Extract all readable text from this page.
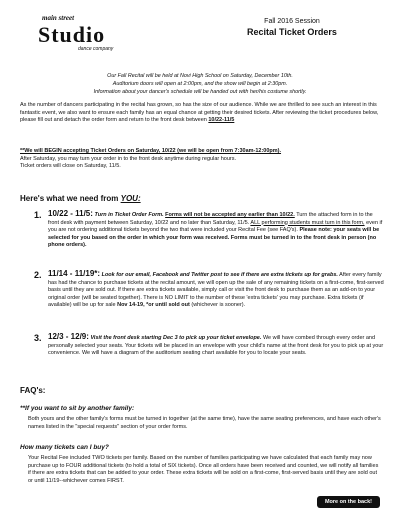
main street
Studio
dance company
Fall 2016 Session
Recital Ticket Orders
Our Fall Recital will be held at Novi High School on Saturday, December 10th.
Auditorium doors will open at 2:00pm, and the show will begin at 2:30pm.
Information about your dancer's schedule will be handed out with her/his costume shortly.
As the number of dancers participating in the recital has grown, so has the size of our audience. While we are thrilled to see such an interest in this fantastic event, we also want to ensure each family has an equal chance at getting their desired tickets. After reviewing the ticket procedures below, please fill out and detach the order form and return to the front desk between 10/22-11/5
**We will BEGIN accepting Ticket Orders on Saturday, 10/22 (we will be open from 7:30am-12:00pm).
After Saturday, you may turn your order in to the front desk anytime during regular hours.
Ticket orders will close on Saturday, 11/5.
Here's what we need from YOU:
1. 10/22 - 11/5: Turn in Ticket Order Form. Forms will not be accepted any earlier than 10/22. Turn the attached form in to the front desk with payment between Saturday, 10/22 and no later than Saturday, 11/5. ALL performing students must turn in this form, even if you are not ordering additional tickets beyond the two that were included your Recital Fee (see FAQ's). Please note: your seats will be selected for you based on the order in which your form was received. Forms must be turned in to the front desk in person (no phone orders).
2. 11/14 - 11/19*: Look for our email, Facebook and Twitter post to see if there are extra tickets up for grabs. After every family has had the chance to purchase tickets at the recital amount, we will open up the sale of any remaining tickets on a first-come, first-served basis until they are sold out. If there are extra tickets available, simply call or visit the front desk to purchase them as an add-on to your original order (will be seated together). There is NO LIMIT to the number of these 'extra tickets' you may purchase. Extra tickets (if available) will be up for sale Nov 14-19, *or until sold out (whichever is sooner).
3. 12/3 - 12/9: Visit the front desk starting Dec 3 to pick up your ticket envelope. We will have combed through every order and personally selected your seats. Your tickets will be placed in an envelope with your child's name at the front desk for you to pick up at your convenience. We will have a diagram of the auditorium seating chart available for you to locate your seats.
FAQ's:
**If you want to sit by another family:
Both yours and the other family's forms must be turned in together (at the same time), have the same seating preferences, and have each other's names listed in the "special requests" section of your order forms.
How many tickets can I buy?
Your Recital Fee included TWO tickets per family. Based on the number of families participating we have calculated that each family may now purchase up to FOUR additional tickets (to hold a total of SIX tickets). Once all orders have been received and counted, we will notify all families if there are extra tickets that can be added to your order. These extra tickets will be sold on a first-come, first-served basis until they are sold out or until 11/19--whichever comes FIRST.
More on the back!
